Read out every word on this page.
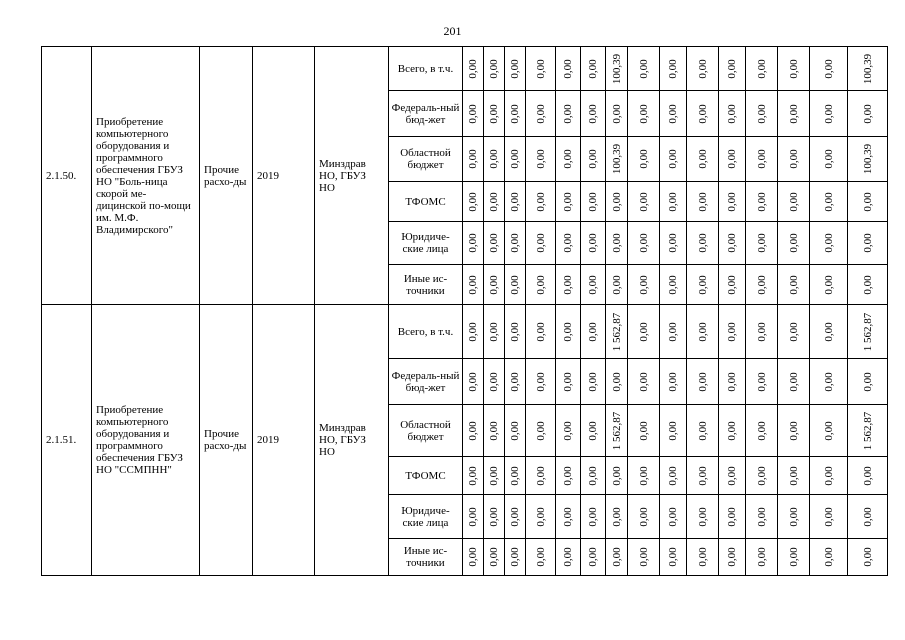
201
2.1.50.	Приобретение компьютерного оборудования и программного обеспечения ГБУЗ НО "Боль-ница скорой ме-дицинской по-мощи им. М.Ф. Владимирского"	Прочие расхо-ды	2019	Минздрав НО, ГБУЗ НО	Всего, в т.ч.	0,00	0,00	0,00	0,00	0,00	0,00	100,39	0,00	0,00	0,00	0,00	0,00	0,00	0,00	100,39

					Федераль-ный бюд-жет	0,00	0,00	0,00	0,00	0,00	0,00	0,00	0,00	0,00	0,00	0,00	0,00	0,00	0,00	0,00

					Областной бюджет	0,00	0,00	0,00	0,00	0,00	0,00	100,39	0,00	0,00	0,00	0,00	0,00	0,00	0,00	100,39

					ТФОМС	0,00	0,00	0,00	0,00	0,00	0,00	0,00	0,00	0,00	0,00	0,00	0,00	0,00	0,00	0,00

					Юридиче-ские лица	0,00	0,00	0,00	0,00	0,00	0,00	0,00	0,00	0,00	0,00	0,00	0,00	0,00	0,00	0,00

					Иные ис-точники	0,00	0,00	0,00	0,00	0,00	0,00	0,00	0,00	0,00	0,00	0,00	0,00	0,00	0,00	0,00

2.1.51.	Приобретение компьютерного оборудования и программного обеспечения ГБУЗ НО "ССМПНН"	Прочие расхо-ды	2019	Минздрав НО, ГБУЗ НО	Всего, в т.ч.	0,00	0,00	0,00	0,00	0,00	0,00	1 562,87	0,00	0,00	0,00	0,00	0,00	0,00	0,00	1 562,87

					Федераль-ный бюд-жет	0,00	0,00	0,00	0,00	0,00	0,00	0,00	0,00	0,00	0,00	0,00	0,00	0,00	0,00	0,00

					Областной бюджет	0,00	0,00	0,00	0,00	0,00	0,00	1 562,87	0,00	0,00	0,00	0,00	0,00	0,00	0,00	1 562,87

					ТФОМС	0,00	0,00	0,00	0,00	0,00	0,00	0,00	0,00	0,00	0,00	0,00	0,00	0,00	0,00	0,00

					Юридиче-ские лица	0,00	0,00	0,00	0,00	0,00	0,00	0,00	0,00	0,00	0,00	0,00	0,00	0,00	0,00	0,00

					Иные ис-точники	0,00	0,00	0,00	0,00	0,00	0,00	0,00	0,00	0,00	0,00	0,00	0,00	0,00	0,00	0,00
